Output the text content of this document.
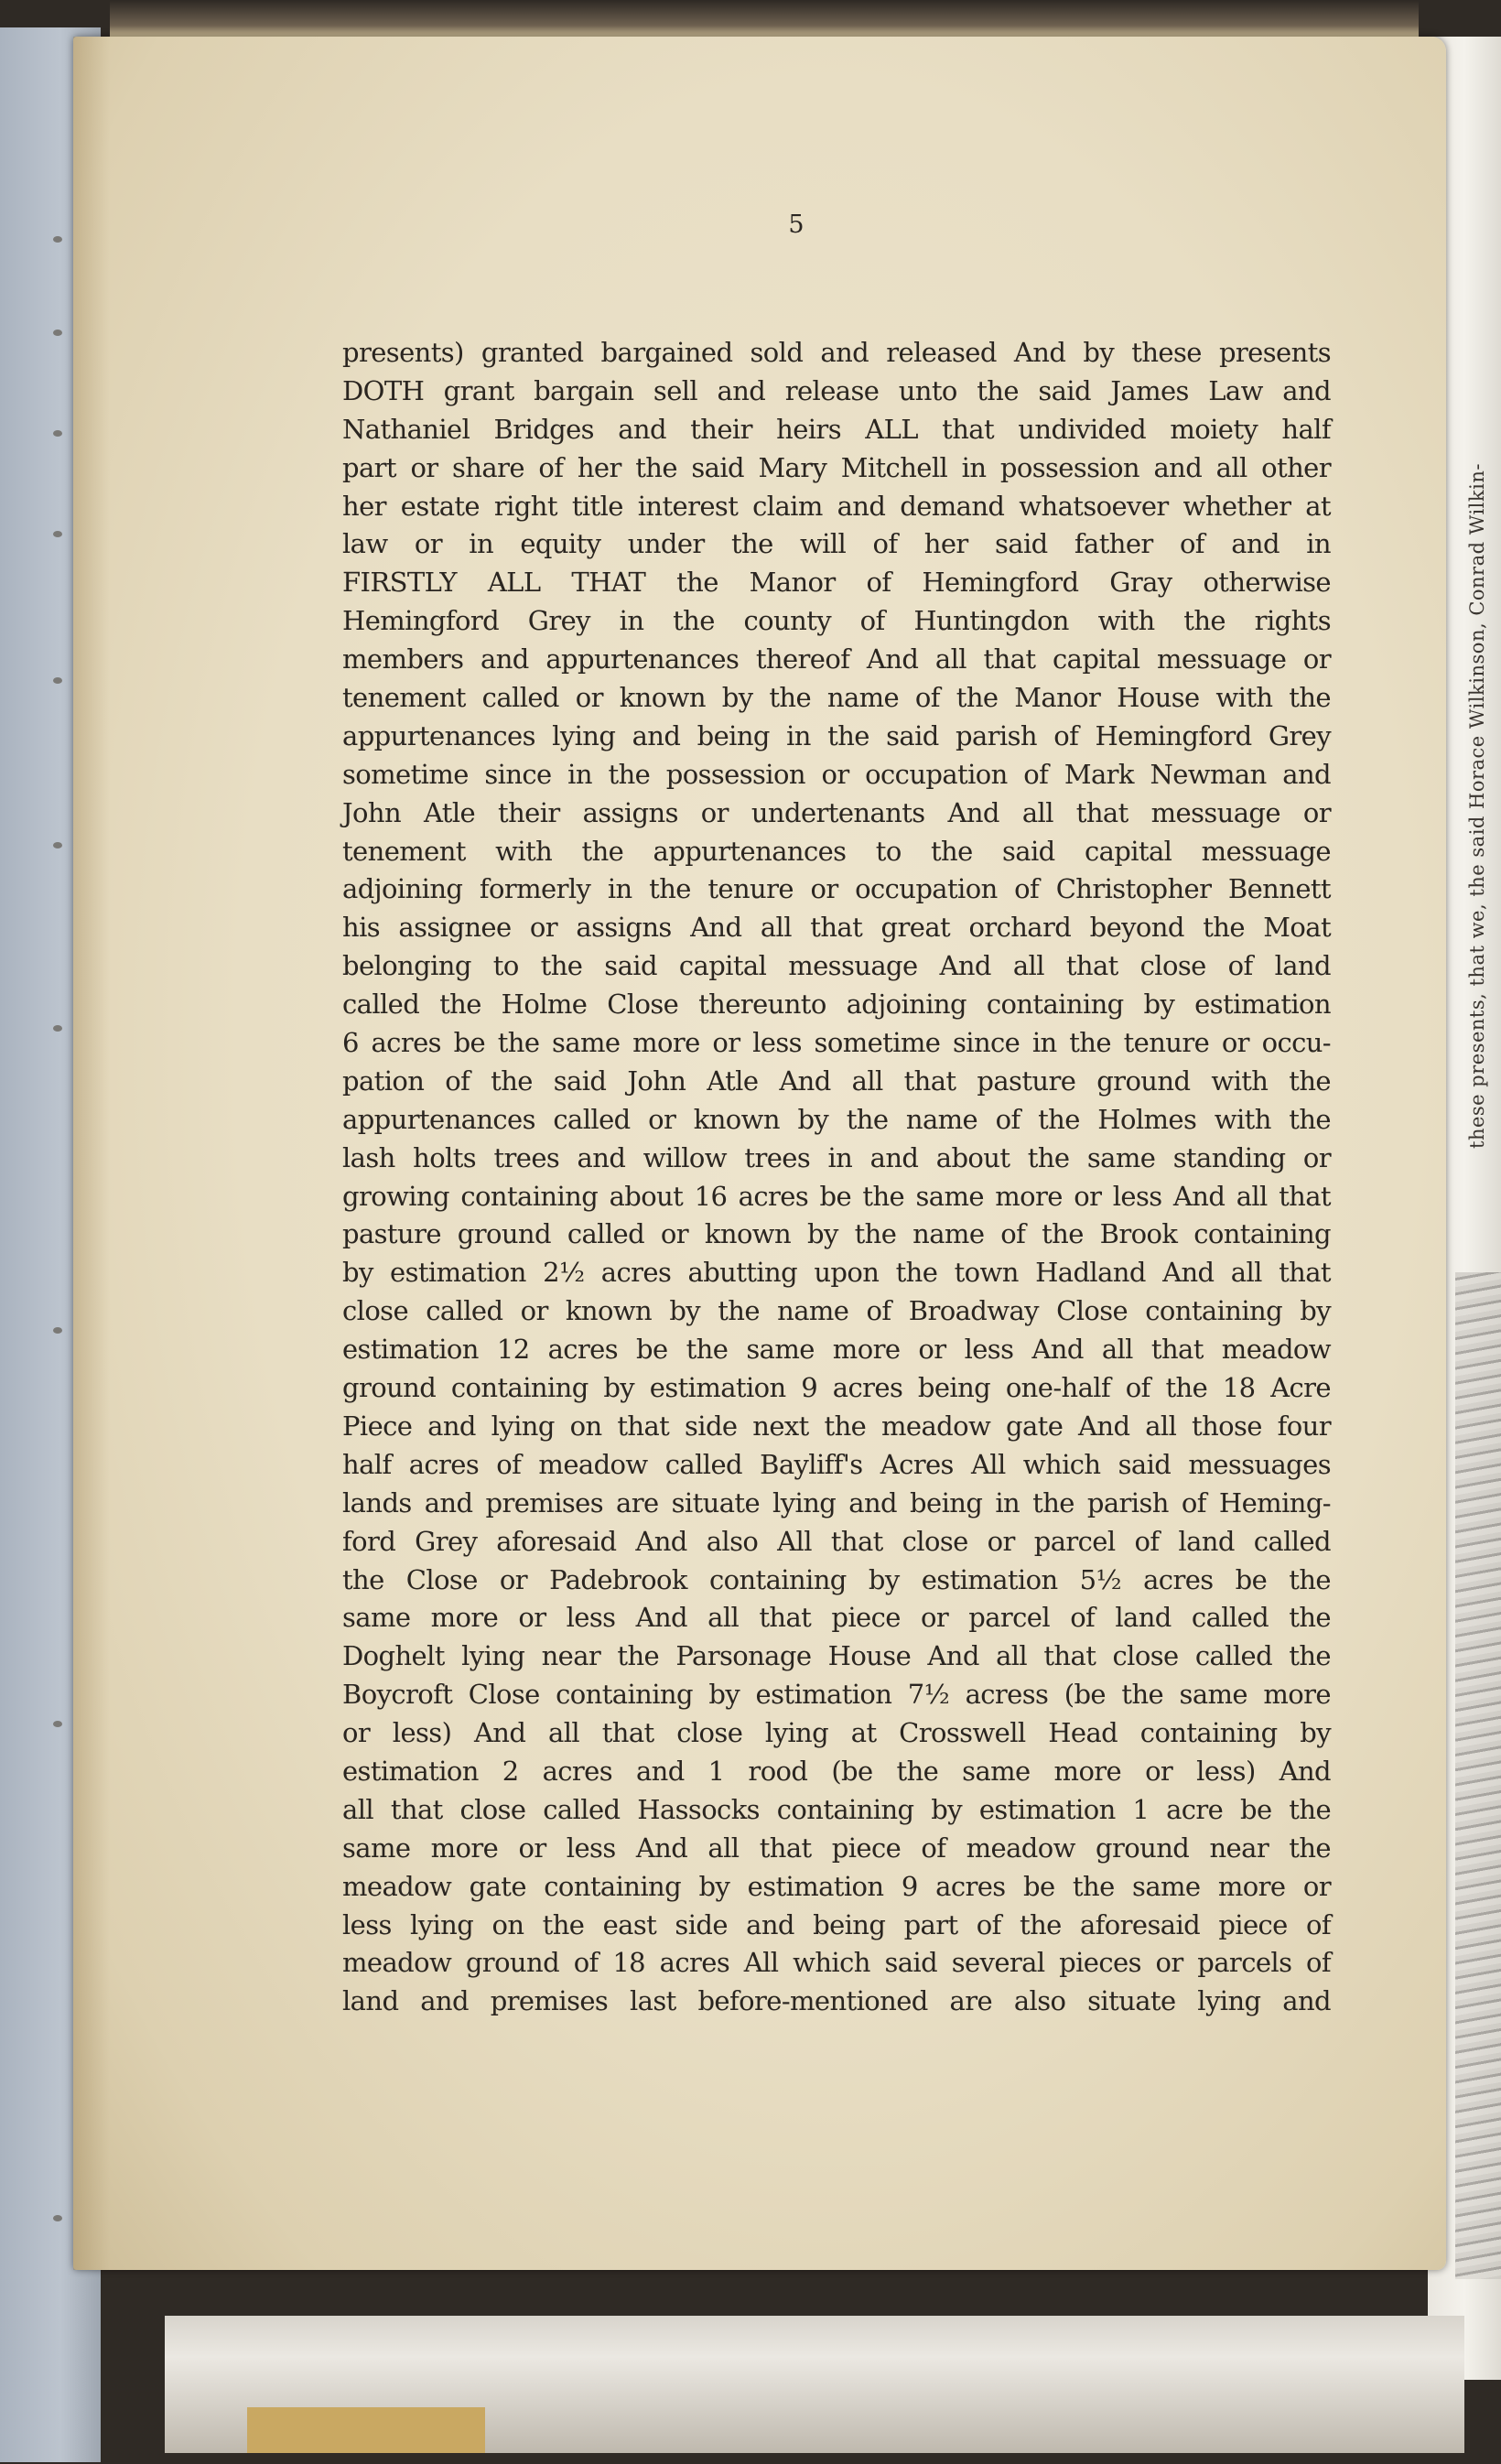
these presents, that we, the said Horace Wilkinson, Conrad Wilkin-
5
presents) granted bargained sold and released And by these presents
DOTH grant bargain sell and release unto the said James Law and
Nathaniel Bridges and their heirs ALL that undivided moiety half
part or share of her the said Mary Mitchell in possession and all other
her estate right title interest claim and demand whatsoever whether at
law or in equity under the will of her said father of and in
FIRSTLY ALL THAT the Manor of Hemingford Gray otherwise
Hemingford Grey in the county of Huntingdon with the rights
members and appurtenances thereof And all that capital messuage or
tenement called or known by the name of the Manor House with the
appurtenances lying and being in the said parish of Hemingford Grey
sometime since in the possession or occupation of Mark Newman and
John Atle their assigns or undertenants And all that messuage or
tenement with the appurtenances to the said capital messuage
adjoining formerly in the tenure or occupation of Christopher Bennett
his assignee or assigns And all that great orchard beyond the Moat
belonging to the said capital messuage And all that close of land
called the Holme Close thereunto adjoining containing by estimation
6 acres be the same more or less sometime since in the tenure or occu-
pation of the said John Atle And all that pasture ground with the
appurtenances called or known by the name of the Holmes with the
lash holts trees and willow trees in and about the same standing or
growing containing about 16 acres be the same more or less And all that
pasture ground called or known by the name of the Brook containing
by estimation 2½ acres abutting upon the town Hadland And all that
close called or known by the name of Broadway Close containing by
estimation 12 acres be the same more or less And all that meadow
ground containing by estimation 9 acres being one-half of the 18 Acre
Piece and lying on that side next the meadow gate And all those four
half acres of meadow called Bayliff's Acres All which said messuages
lands and premises are situate lying and being in the parish of Heming-
ford Grey aforesaid And also All that close or parcel of land called
the Close or Padebrook containing by estimation 5½ acres be the
same more or less And all that piece or parcel of land called the
Doghelt lying near the Parsonage House And all that close called the
Boycroft Close containing by estimation 7½ acress (be the same more
or less) And all that close lying at Crosswell Head containing by
estimation 2 acres and 1 rood (be the same more or less) And
all that close called Hassocks containing by estimation 1 acre be the
same more or less And all that piece of meadow ground near the
meadow gate containing by estimation 9 acres be the same more or
less lying on the east side and being part of the aforesaid piece of
meadow ground of 18 acres All which said several pieces or parcels of
land and premises last before-mentioned are also situate lying and
